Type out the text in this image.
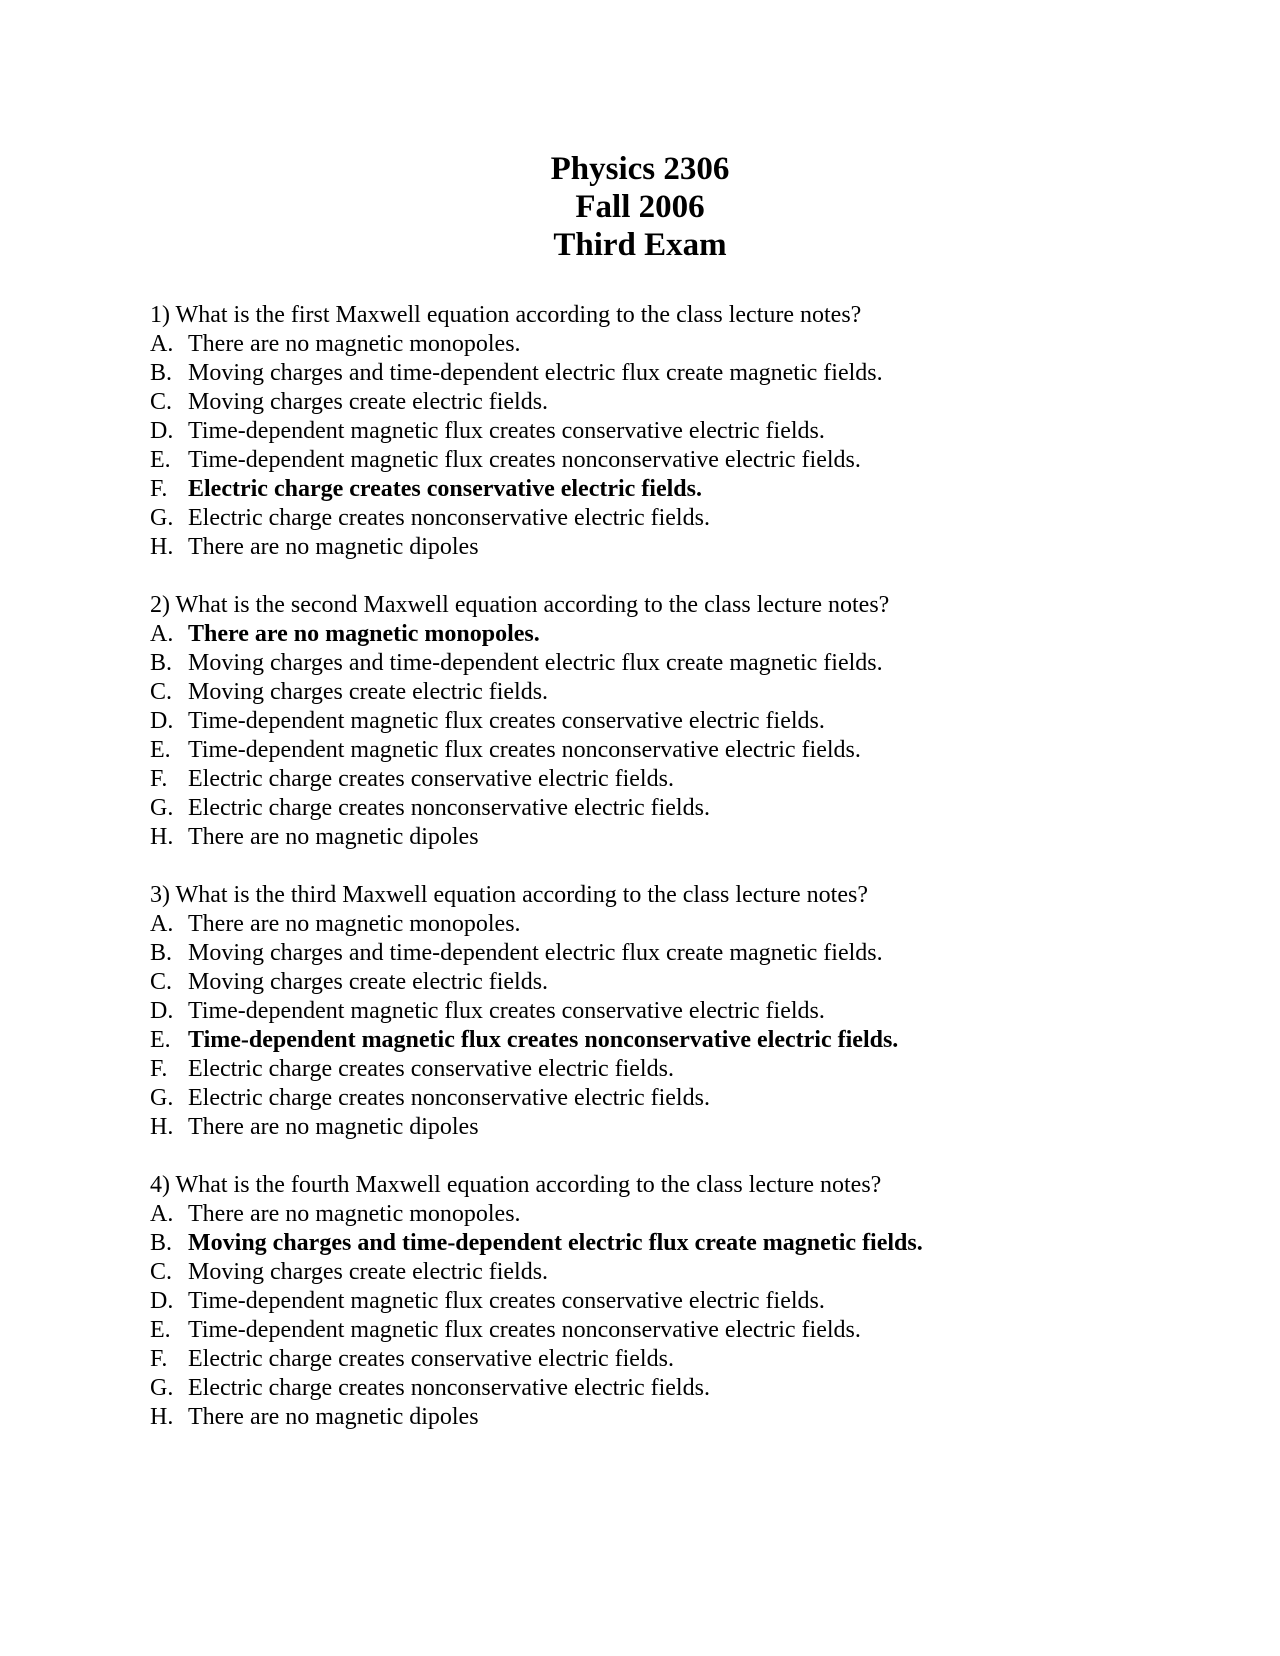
Physics 2306
Fall 2006
Third Exam
1) What is the first Maxwell equation according to the class lecture notes?
A. There are no magnetic monopoles.
B. Moving charges and time-dependent electric flux create magnetic fields.
C. Moving charges create electric fields.
D. Time-dependent magnetic flux creates conservative electric fields.
E. Time-dependent magnetic flux creates nonconservative electric fields.
F. Electric charge creates conservative electric fields.
G. Electric charge creates nonconservative electric fields.
H. There are no magnetic dipoles
2) What is the second Maxwell equation according to the class lecture notes?
A. There are no magnetic monopoles.
B. Moving charges and time-dependent electric flux create magnetic fields.
C. Moving charges create electric fields.
D. Time-dependent magnetic flux creates conservative electric fields.
E. Time-dependent magnetic flux creates nonconservative electric fields.
F. Electric charge creates conservative electric fields.
G. Electric charge creates nonconservative electric fields.
H. There are no magnetic dipoles
3) What is the third Maxwell equation according to the class lecture notes?
A. There are no magnetic monopoles.
B. Moving charges and time-dependent electric flux create magnetic fields.
C. Moving charges create electric fields.
D. Time-dependent magnetic flux creates conservative electric fields.
E. Time-dependent magnetic flux creates nonconservative electric fields.
F. Electric charge creates conservative electric fields.
G. Electric charge creates nonconservative electric fields.
H. There are no magnetic dipoles
4) What is the fourth Maxwell equation according to the class lecture notes?
A. There are no magnetic monopoles.
B. Moving charges and time-dependent electric flux create magnetic fields.
C. Moving charges create electric fields.
D. Time-dependent magnetic flux creates conservative electric fields.
E. Time-dependent magnetic flux creates nonconservative electric fields.
F. Electric charge creates conservative electric fields.
G. Electric charge creates nonconservative electric fields.
H. There are no magnetic dipoles
